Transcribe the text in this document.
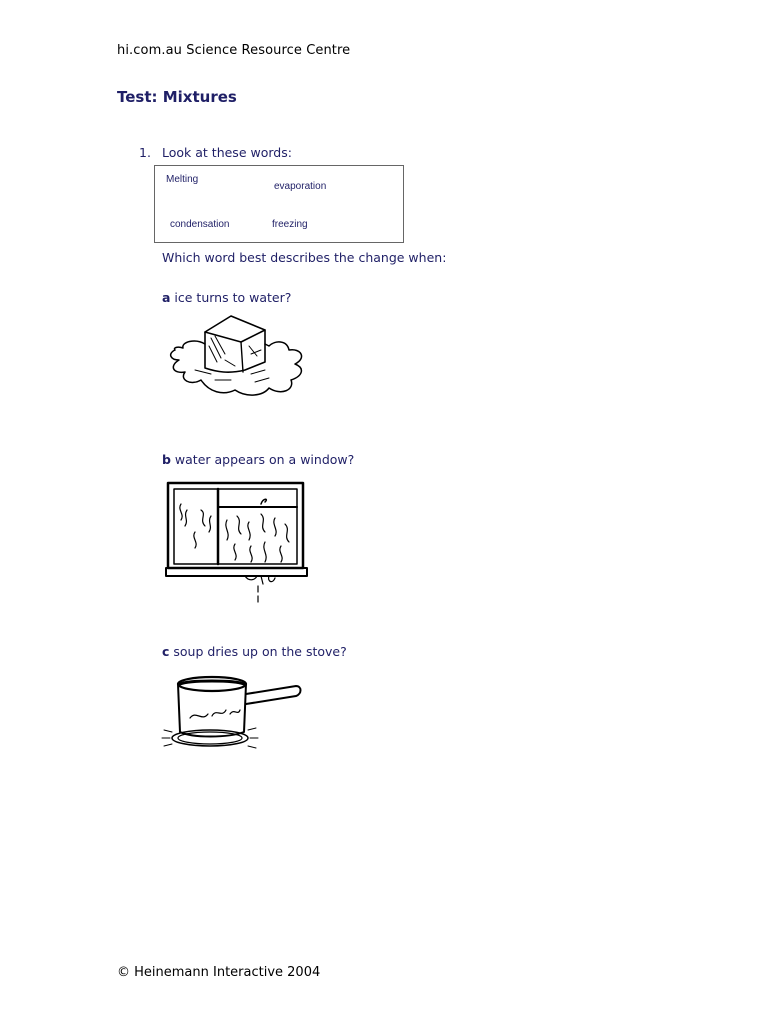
hi.com.au Science Resource Centre
Test: Mixtures
1. Look at these words:
Melting
evaporation
condensation	freezing
Which word best describes the change when:
a ice turns to water?
b water appears on a window?
c soup dries up on the stove?
© Heinemann Interactive 2004
